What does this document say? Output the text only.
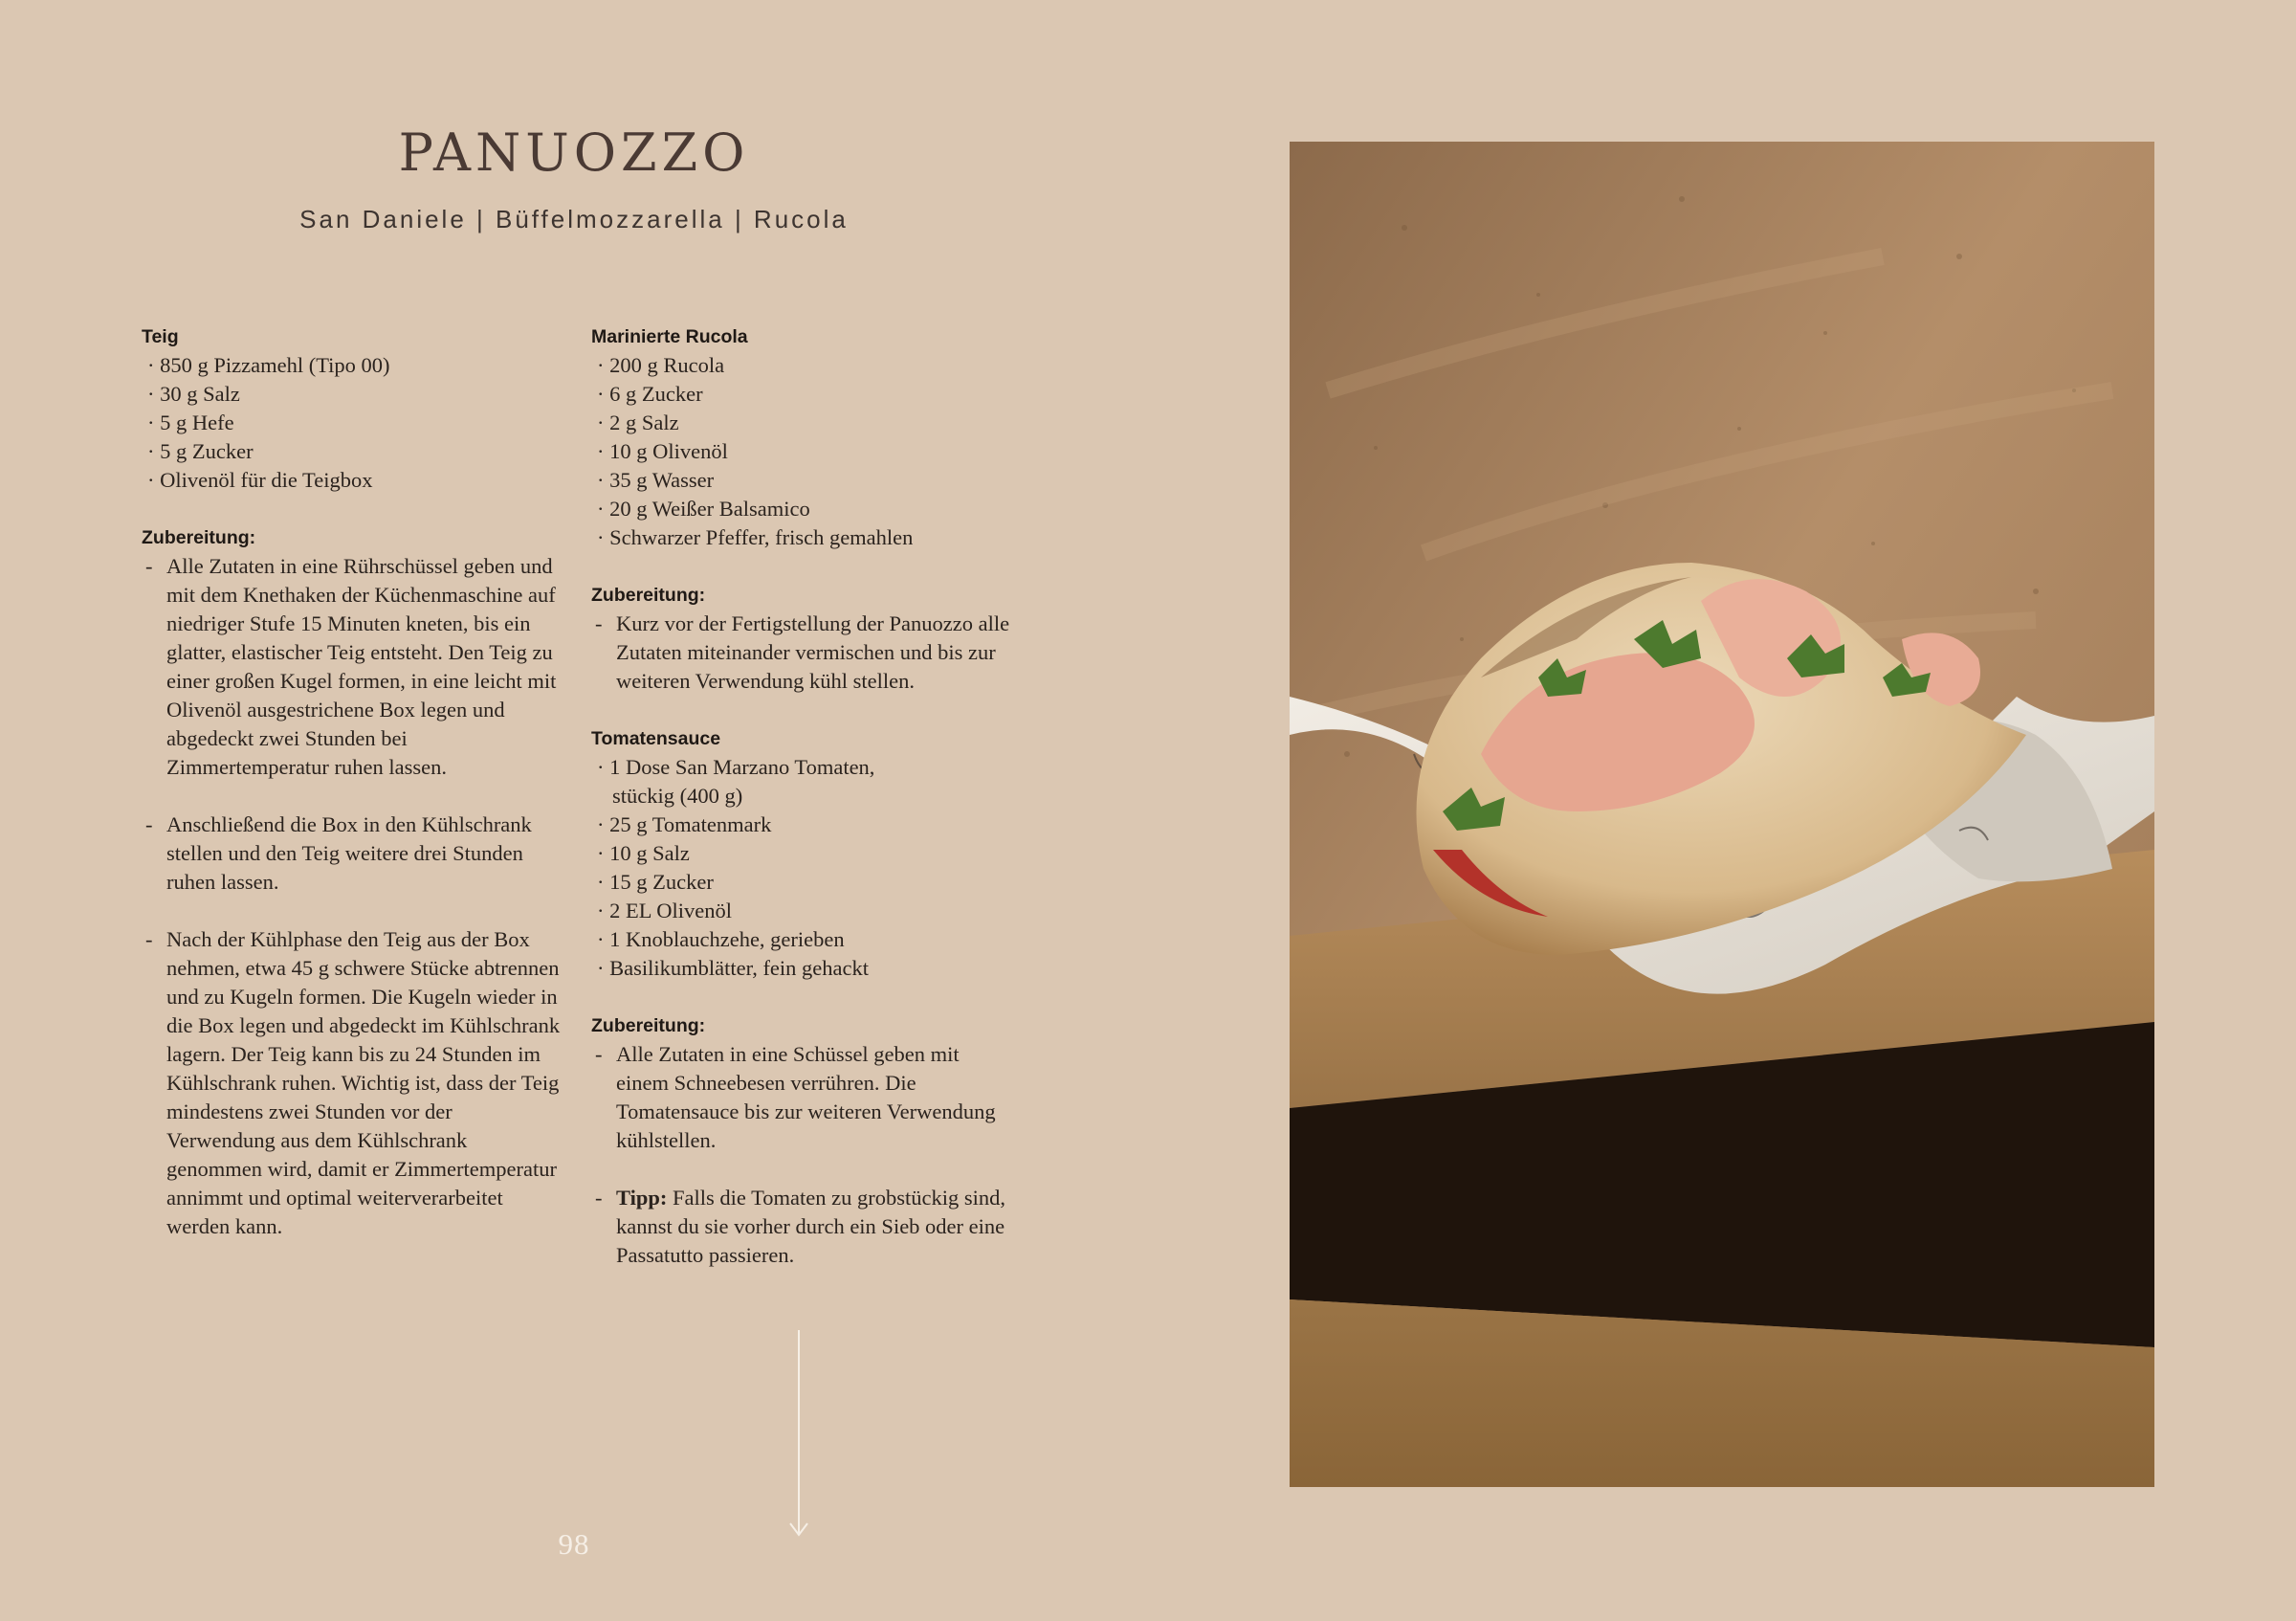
PANUOZZO

San Daniele | Büffelmozzarella | Rucola

Teig

· 850 g Pizzamehl (Tipo 00)
· 30 g Salz
· 5 g Hefe
· 5 g Zucker
· Olivenöl für die Teigbox

Zubereitung:

- Alle Zutaten in eine Rührschüssel geben und mit dem Knethaken der Küchenmaschine auf niedriger Stufe 15 Minuten kneten, bis ein glatter, elastischer Teig entsteht. Den Teig zu einer großen Kugel formen, in eine leicht mit Olivenöl ausgestrichene Box legen und abgedeckt zwei Stunden bei Zimmertemperatur ruhen lassen.
- Anschließend die Box in den Kühlschrank stellen und den Teig weitere drei Stunden ruhen lassen.
- Nach der Kühlphase den Teig aus der Box nehmen, etwa 45 g schwere Stücke abtrennen und zu Kugeln formen. Die Kugeln wieder in die Box legen und abgedeckt im Kühlschrank lagern. Der Teig kann bis zu 24 Stunden im Kühlschrank ruhen. Wichtig ist, dass der Teig mindestens zwei Stunden vor der Verwendung aus dem Kühlschrank genommen wird, damit er Zimmertemperatur annimmt und optimal weiterverarbeitet werden kann.

Marinierte Rucola

· 200 g Rucola
· 6 g Zucker
· 2 g Salz
· 10 g Olivenöl
· 35 g Wasser
· 20 g Weißer Balsamico
· Schwarzer Pfeffer, frisch gemahlen

Zubereitung:

- Kurz vor der Fertigstellung der Panuozzo alle Zutaten miteinander vermischen und bis zur weiteren Verwendung kühl stellen.

Tomatensauce

· 1 Dose San Marzano Tomaten,
stückig (400 g)
· 25 g Tomatenmark
· 10 g Salz
· 15 g Zucker
· 2 EL Olivenöl
· 1 Knoblauchzehe, gerieben
· Basilikumblätter, fein gehackt

Zubereitung:

- Alle Zutaten in eine Schüssel geben mit einem Schneebesen verrühren. Die Tomatensauce bis zur weiteren Verwendung kühlstellen.
- Tipp: Falls die Tomaten zu grobstückig sind, kannst du sie vorher durch ein Sieb oder eine Passatutto passieren.
98
